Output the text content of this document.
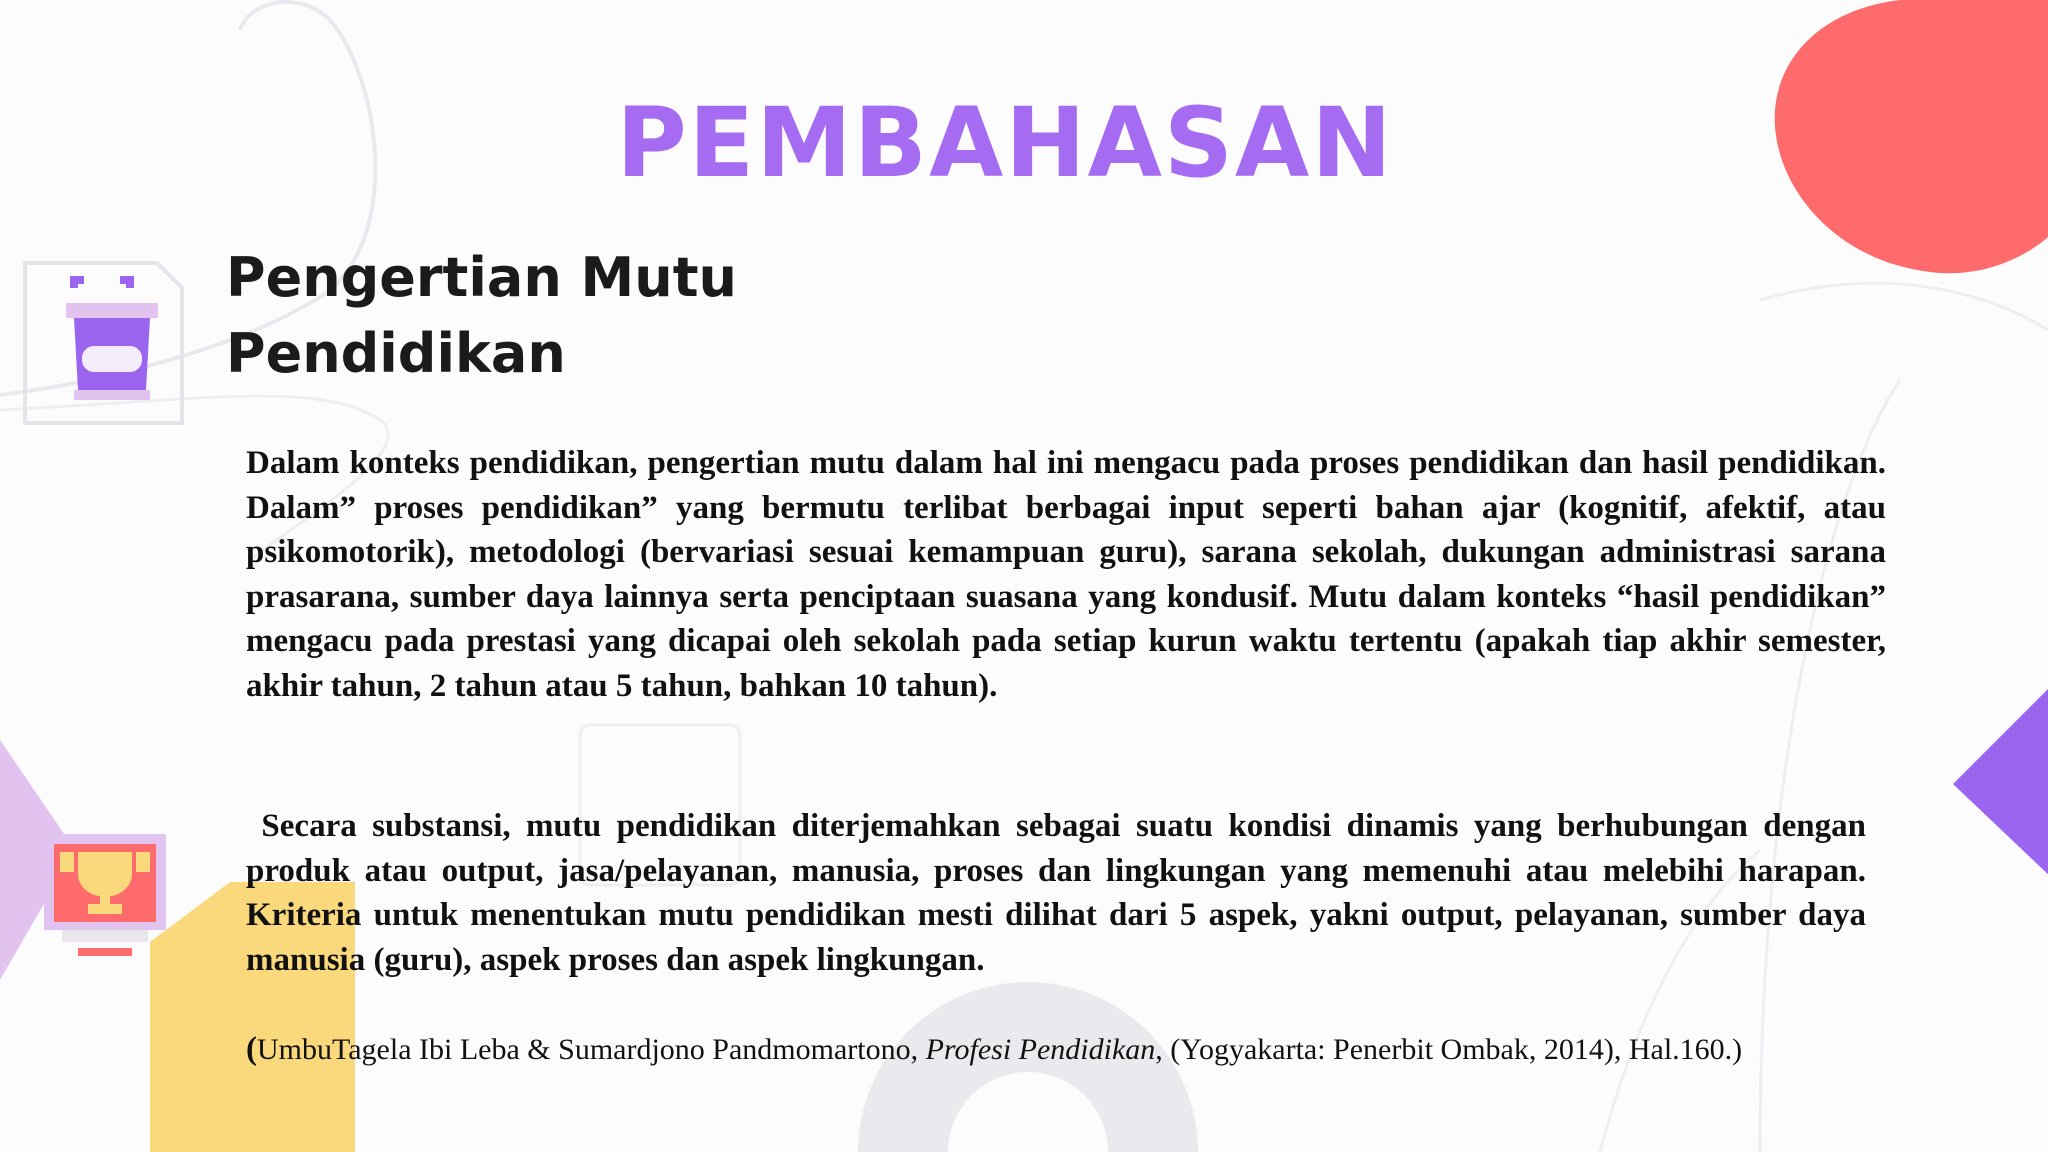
PEMBAHASAN
Pengertian Mutu Pendidikan

Dalam konteks pendidikan, pengertian mutu dalam hal ini mengacu pada proses pendidikan dan hasil pendidikan. Dalam” proses pendidikan” yang bermutu terlibat berbagai input seperti bahan ajar (kognitif, afektif, atau psikomotorik), metodologi (bervariasi sesuai kemampuan guru), sarana sekolah, dukungan administrasi sarana prasarana, sumber daya lainnya serta penciptaan suasana yang kondusif. Mutu dalam konteks “hasil pendidikan” mengacu pada prestasi yang dicapai oleh sekolah pada setiap kurun waktu tertentu (apakah tiap akhir semester, akhir tahun, 2 tahun atau 5 tahun, bahkan 10 tahun).

Secara substansi, mutu pendidikan diterjemahkan sebagai suatu kondisi dinamis yang berhubungan dengan produk atau output, jasa/pelayanan, manusia, proses dan lingkungan yang memenuhi atau melebihi harapan. Kriteria untuk menentukan mutu pendidikan mesti dilihat dari 5 aspek, yakni output, pelayanan, sumber daya manusia (guru), aspek proses dan aspek lingkungan.

(UmbuTagela Ibi Leba & Sumardjono Pandmomartono, Profesi Pendidikan, (Yogyakarta: Penerbit Ombak, 2014), Hal.160.)
